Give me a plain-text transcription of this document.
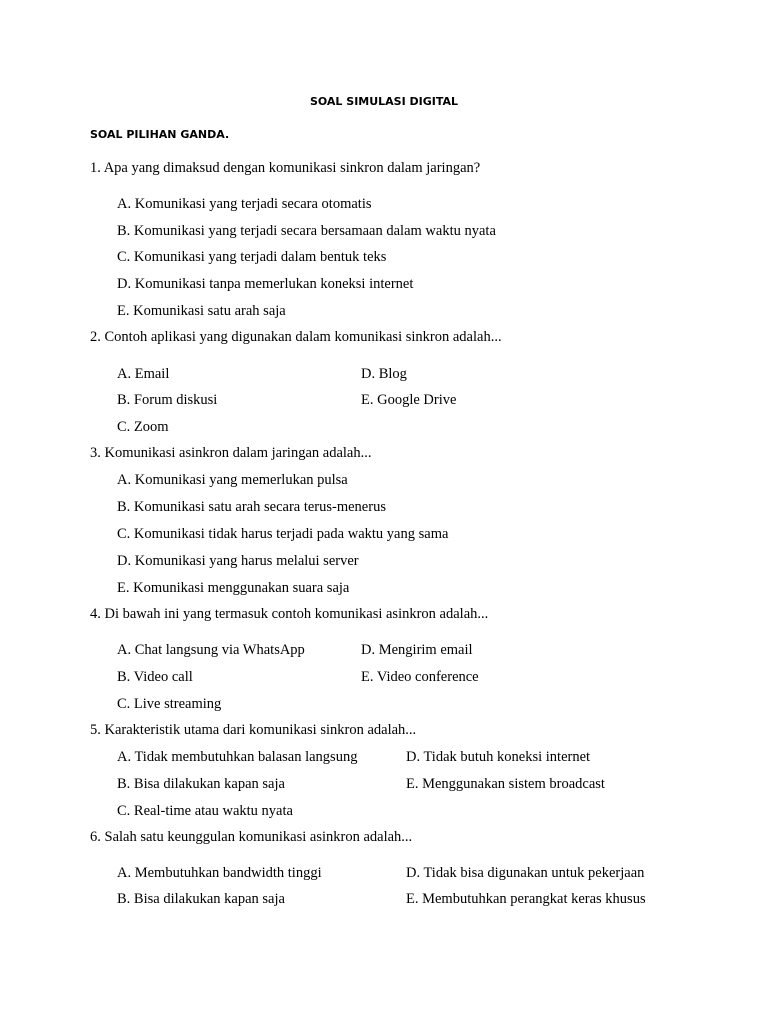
SOAL SIMULASI DIGITAL
SOAL PILIHAN GANDA.
1. Apa yang dimaksud dengan komunikasi sinkron dalam jaringan?
A. Komunikasi yang terjadi secara otomatis
B. Komunikasi yang terjadi secara bersamaan dalam waktu nyata
C. Komunikasi yang terjadi dalam bentuk teks
D. Komunikasi tanpa memerlukan koneksi internet
E. Komunikasi satu arah saja
2. Contoh aplikasi yang digunakan dalam komunikasi sinkron adalah...
A. Email
B. Forum diskusi
C. Zoom
D. Blog
E. Google Drive
3. Komunikasi asinkron dalam jaringan adalah...
A. Komunikasi yang memerlukan pulsa
B. Komunikasi satu arah secara terus-menerus
C. Komunikasi tidak harus terjadi pada waktu yang sama
D. Komunikasi yang harus melalui server
E. Komunikasi menggunakan suara saja
4. Di bawah ini yang termasuk contoh komunikasi asinkron adalah...
A. Chat langsung via WhatsApp
B. Video call
C. Live streaming
D. Mengirim email
E. Video conference
5. Karakteristik utama dari komunikasi sinkron adalah...
A. Tidak membutuhkan balasan langsung
B. Bisa dilakukan kapan saja
C. Real-time atau waktu nyata
D. Tidak butuh koneksi internet
E. Menggunakan sistem broadcast
6. Salah satu keunggulan komunikasi asinkron adalah...
A. Membutuhkan bandwidth tinggi
B. Bisa dilakukan kapan saja
D. Tidak bisa digunakan untuk pekerjaan
E. Membutuhkan perangkat keras khusus
